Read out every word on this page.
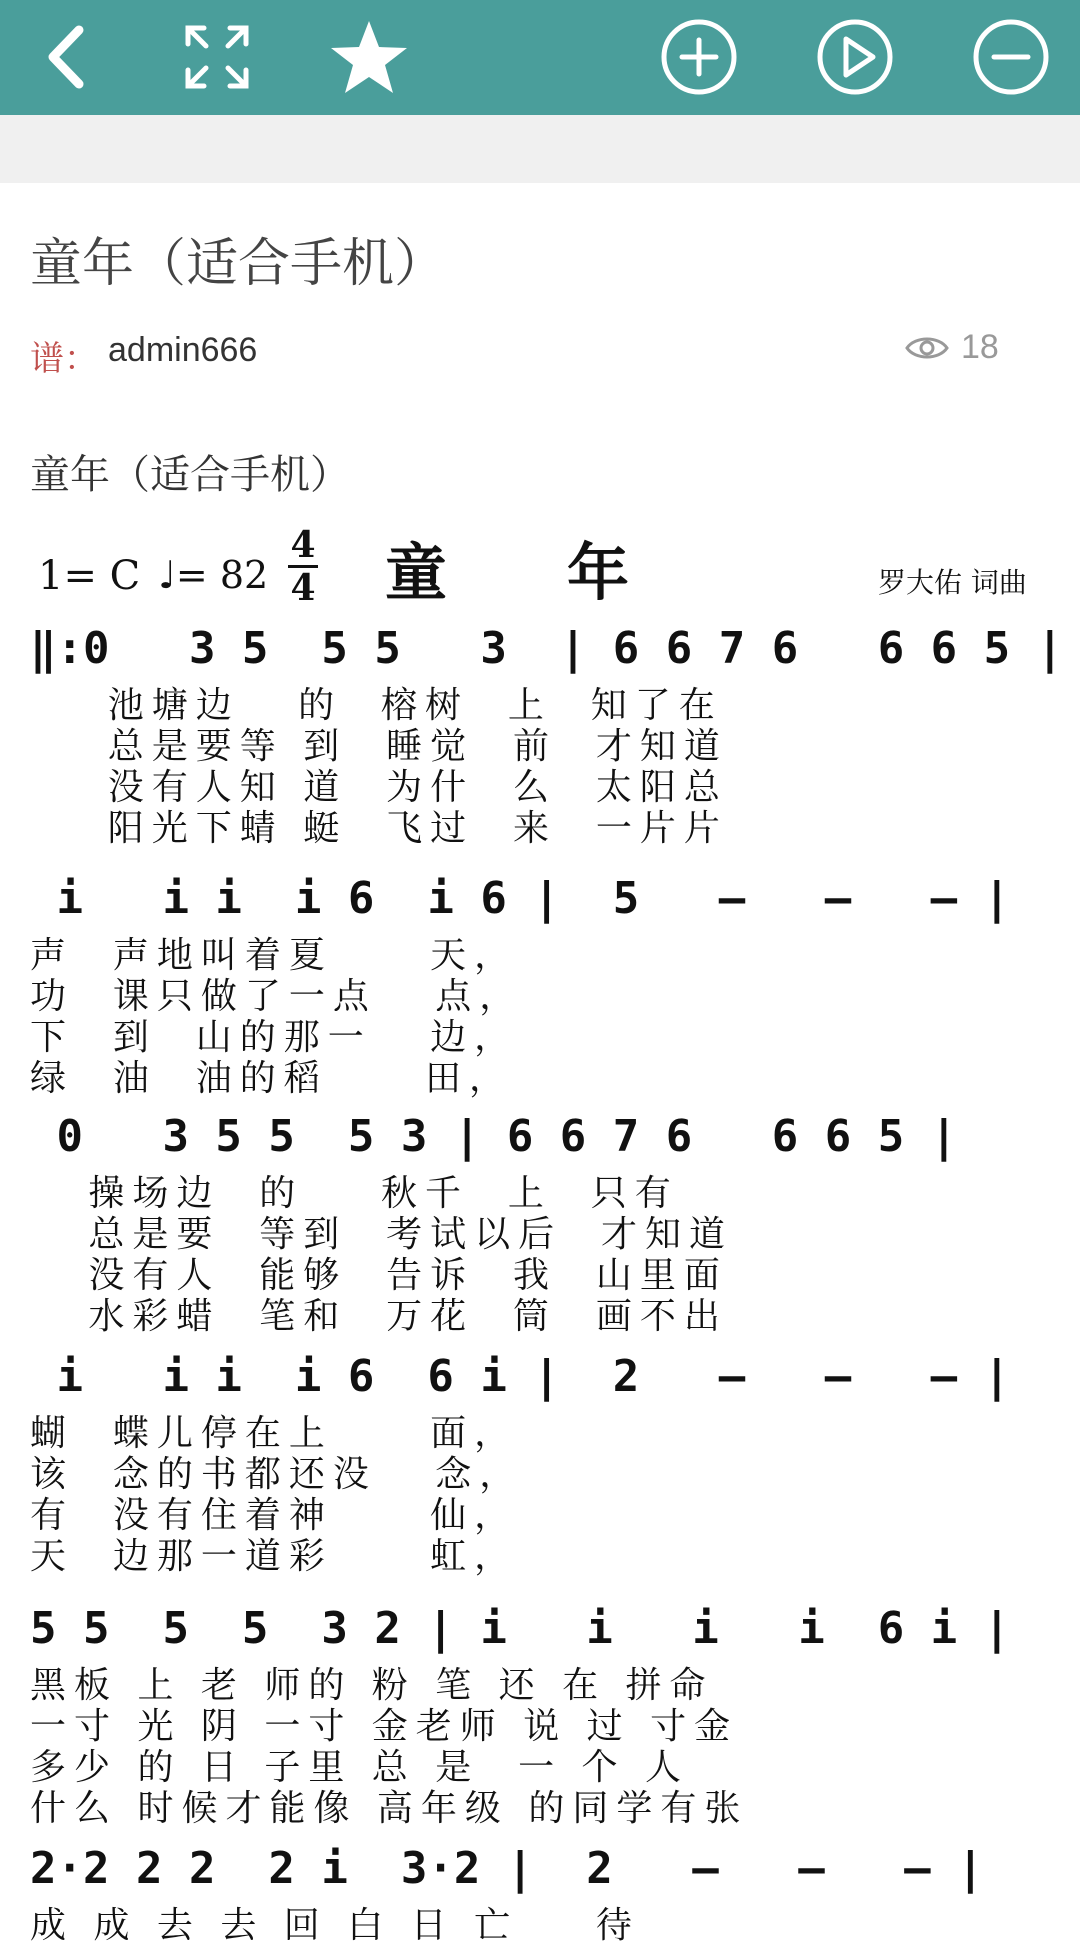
童年（适合手机）
谱： admin666	18
童年（适合手机）
1= C ♩= 82
4
4 童年	罗大佑 词曲
‖:0   3 5  5 5   3  | 6 6 7 6   6 6 5 |
池塘边   的  榕树  上  知了在
总是要等 到  睡觉  前  才知道
没有人知 道  为什  么  太阳总
阳光下蜻 蜓  飞过  来  一片片
i   i i  i 6  i 6 |  5   —   —   — |
声  声地叫着夏     天，
功  课只做了一点   点，
下  到  山的那一   边，
绿  油  油的稻     田，
0   3 5 5  5 3 | 6 6 7 6   6 6 5 |
操场边  的    秋千  上  只有
总是要  等到  考试以后  才知道
没有人  能够  告诉  我  山里面
水彩蜡  笔和  万花  筒  画不出
i   i i  i 6  6 i |  2   —   —   — |
蝴  蝶儿停在上     面，
该  念的书都还没   念，
有  没有住着神     仙，
天  边那一道彩     虹，
5 5  5  5  3 2 | i   i   i   i  6 i |
黑板 上 老 师的 粉 笔 还 在 拼命
一寸 光 阴 一寸 金老师 说 过 寸金
多少 的 日 子里 总 是  一 个 人
什么 时候才能像 高年级 的同学有张
2·2 2 2  2 i  3·2 |  2   —   —   — |
成 成 去 去 回 白 日 亡    待
